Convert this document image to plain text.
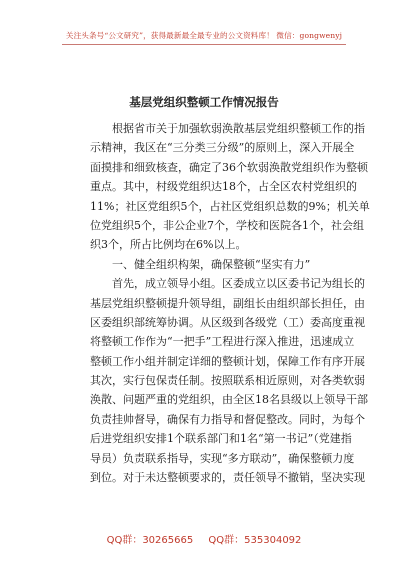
关注头条号“公文研究”，获得最新最全最专业的公文资料库！ 微信：gongwenyj
基层党组织整顿工作情况报告
　　根据省市关于加强软弱涣散基层党组织整顿工作的指
示精神，我区在“三分类三分级”的原则上，深入开展全
面摸排和细致核查，确定了36个软弱涣散党组织作为整顿
重点。其中，村级党组织达18个，占全区农村党组织的
11%；社区党组织5个，占社区党组织总数的9%；机关单
位党组织5个，非公企业7个，学校和医院各1个，社会组
织3个，所占比例均在6%以上。
　　一、健全组织构架，确保整顿“坚实有力”
　　首先，成立领导小组。区委成立以区委书记为组长的
基层党组织整顿提升领导组，副组长由组织部长担任，由
区委组织部统筹协调。从区级到各级党（工）委高度重视
将整顿工作作为“一把手”工程进行深入推进，迅速成立
整顿工作小组并制定详细的整顿计划，保障工作有序开展
其次，实行包保责任制。按照联系相近原则，对各类软弱
涣散、问题严重的党组织，由全区18名县级以上领导干部
负责挂帅督导，确保有力指导和督促整改。同时，为每个
后进党组织安排1个联系部门和1名“第一书记”（党建指
导员）负责联系指导，实现“多方联动”，确保整顿力度
到位。对于未达整顿要求的，责任领导不撤销，坚决实现
QQ群：30265665 QQ群：535304092
